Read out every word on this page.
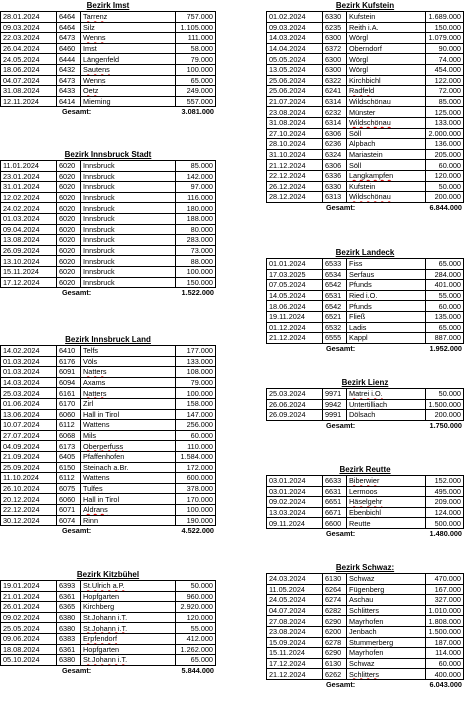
Bezirk Imst
28.01.2024	6464	Tarrenz	757.000
09.03.2024	6464	Silz	1.105.000
22.03.2024	6473	Wenns	111.000
26.04.2024	6460	Imst	58.000
24.05.2024	6444	Längenfeld	79.000
18.06.2024	6432	Sautens	100.000
04.07.2024	6473	Wenns	65.000
31.08.2024	6433	Oetz	249.000
12.11.2024	6414	Mieming	557.000
Gesamt:	3.081.000
Bezirk Innsbruck Stadt
11.01.2024	6020	Innsbruck	85.000
23.01.2024	6020	Innsbruck	142.000
31.01.2024	6020	Innsbruck	97.000
12.02.2024	6020	Innsbruck	116.000
24.02.2024	6020	Innsbruck	180.000
01.03.2024	6020	Innsbruck	188.000
09.04.2024	6020	Innsbruck	80.000
13.08.2024	6020	Innsbruck	283.000
26.09.2024	6020	Innsbruck	73.000
13.10.2024	6020	Innsbruck	88.000
15.11.2024	6020	Innsbruck	100.000
17.12.2024	6020	Innsbruck	150.000
Gesamt:	1.522.000
Bezirk Innsbruck Land
14.02.2024	6410	Telfs	177.000
01.03.2024	6176	Völs	133.000
01.03.2024	6091	Natters	108.000
14.03.2024	6094	Axams	79.000
25.03.2024	6161	Natters	100.000
01.06.2024	6170	Zirl	158.000
13.06.2024	6060	Hall in Tirol	147.000
10.07.2024	6112	Wattens	256.000
27.07.2024	6068	Mils	60.000
04.09.2024	6173	Oberperfuss	110.000
21.09.2024	6405	Pfaffenhofen	1.584.000
25.09.2024	6150	Steinach a.Br.	172.000
11.10.2024	6112	Wattens	600.000
26.10.2024	6075	Tulfes	378.000
20.12.2024	6060	Hall in Tirol	170.000
22.12.2024	6071	Aldrans	100.000
30.12.2024	6074	Rinn	190.000
Gesamt:	4.522.000
Bezirk Kitzbühel
19.01.2024	6393	St.Ulrich a.P.	50.000
21.01.2024	6361	Hopfgarten	960.000
26.01.2024	6365	Kirchberg	2.920.000
09.02.2024	6380	St.Johann i.T.	120.000
25.05.2024	6380	St.Johann i.T.	55.000
09.06.2024	6383	Erpfendorf	412.000
18.08.2024	6361	Hopfgarten	1.262.000
05.10.2024	6380	St.Johann i.T.	65.000
Gesamt:	5.844.000
Bezirk Kufstein
01.02.2024	6330	Kufstein	1.689.000
09.03.2024	6235	Reith i.A.	150.000
14.03.2024	6300	Wörgl	1.079.000
14.04.2024	6372	Oberndorf	90.000
05.05.2024	6300	Wörgl	74.000
13.05.2024	6300	Wörgl	454.000
25.06.2024	6322	Kirchbichl	122.000
25.06.2024	6241	Radfeld	72.000
21.07.2024	6314	Wildschönau	85.000
23.08.2024	6232	Münster	125.000
31.08.2024	6314	Wildschönau	133.000
27.10.2024	6306	Söll	2.000.000
28.10.2024	6236	Alpbach	136.000
31.10.2024	6324	Mariastein	205.000
21.12.2024	6306	Söll	60.000
22.12.2024	6336	Langkampfen	120.000
26.12.2024	6330	Kufstein	50.000
28.12.2024	6313	Wildschönau	200.000
Gesamt:	6.844.000
Bezirk Landeck
01.01.2024	6533	Fiss	65.000
17.03.2025	6534	Serfaus	284.000
07.05.2024	6542	Pfunds	401.000
14.05.2024	6531	Ried i.O.	55.000
18.06.2024	6542	Pfunds	60.000
19.11.2024	6521	Fließ	135.000
01.12.2024	6532	Ladis	65.000
21.12.2024	6555	Kappl	887.000
Gesamt:	1.952.000
Bezirk Lienz
25.03.2024	9971	Matrei i.O.	50.000
26.06.2024	9942	Untertilliach	1.500.000
26.09.2024	9991	Dölsach	200.000
Gesamt:	1.750.000
Bezirk Reutte
03.01.2024	6633	Biberwier	152.000
03.01.2024	6631	Lermoos	495.000
09.02.2024	6651	Häselgehr	209.000
13.03.2024	6671	Ebenbichl	124.000
09.11.2024	6600	Reutte	500.000
Gesamt:	1.480.000
Bezirk Schwaz:
24.03.2024	6130	Schwaz	470.000
11.05.2024	6264	Fügenberg	167.000
24.05.2024	6274	Aschau	327.000
04.07.2024	6282	Schlitters	1.010.000
27.08.2024	6290	Mayrhofen	1.808.000
23.08.2024	6200	Jenbach	1.500.000
15.09.2024	6278	Stummerberg	187.000
15.11.2024	6290	Mayrhofen	114.000
17.12.2024	6130	Schwaz	60.000
21.12.2024	6262	Schlitters	400.000
Gesamt:	6.043.000
